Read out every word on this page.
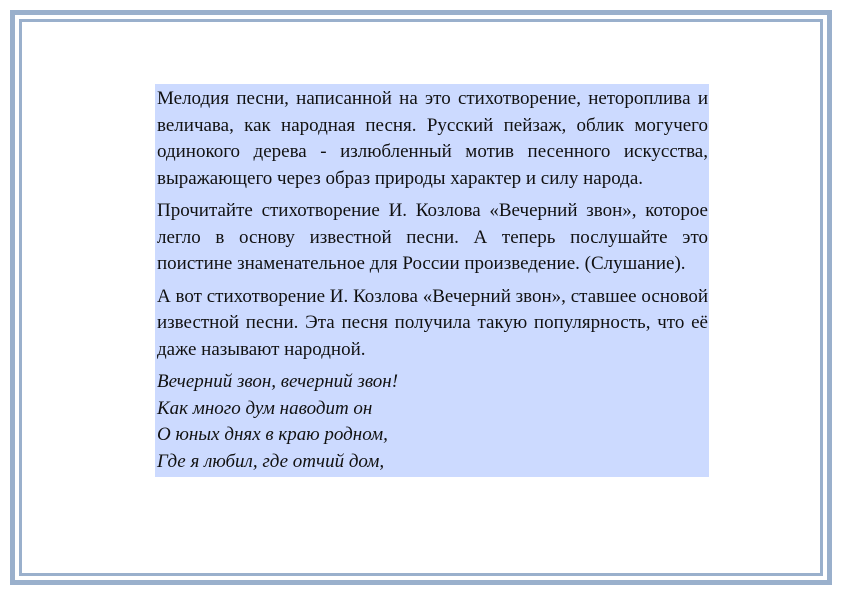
Мелодия песни, написанной на это стихотворение, неторопливa и величава, как народная песня. Русский пейзаж, облик могучего одинокого дерева - излюбленный мотив песенного искусства, выражающего через образ природы характер и силу народа.

Прочитайте стихотворение И. Козлова «Вечерний звон», которое легло в основу известной песни. А теперь послушайте это поистине знаменательное для России произведение. (Слушание).

А вот стихотворение И. Козлова «Вечерний звон», ставшее основой известной песни. Эта песня получила такую популярность, что её даже называют народной.

Вечерний звон, вечерний звон!
Как много дум наводит он
О юных днях в краю родном,
Где я любил, где отчий дом,
